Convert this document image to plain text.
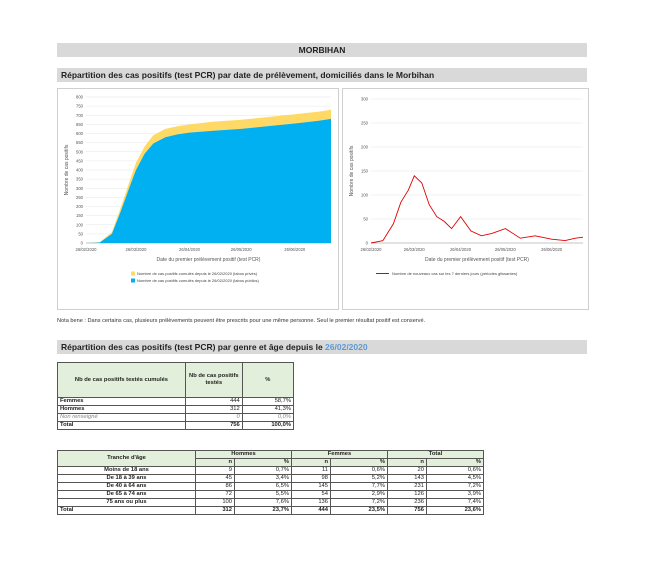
MORBIHAN
Répartition des cas positifs (test PCR) par date de prélèvement, domiciliés dans le Morbihan
0
50
100
150
200
250
300
350
400
450
500
550
600
650
700
750
800
26/02/2020	26/03/2020	26/04/2020	26/05/2020	26/06/2020
Date du premier prélèvement positif (test PCR)
Nombre de cas positifs
Nombre de cas positifs cumulés depuis le 26/02/2020 (labos privés)
Nombre de cas positifs cumulés depuis le 26/02/2020 (labos publics)
0
50
100
150
200
250
300
26/02/2020	26/03/2020	26/04/2020	26/05/2020	26/06/2020
Date du premier prélèvement positif (test PCR)
Nombre de cas positifs
Nombre de nouveaux cas sur les 7 derniers jours (périodes glissantes)
Nota bene : Dans certains cas, plusieurs prélèvements peuvent être prescrits pour une même personne. Seul le premier résultat positif est conservé.
Répartition des cas positifs (test PCR) par genre et âge depuis le 26/02/2020
Nb de cas positifs testés cumulés	Nb de cas positifs testés	%
Femmes	444	58,7%
Hommes	312	41,3%
Non renseigné	0	0,0%
Total	756	100,0%
Tranche d'âge	Hommes		Femmes		Total	
	n	%	n	%	n	%
Moins de 18 ans	9	0,7%	11	0,6%	20	0,6%
De 18 à 39 ans	45	3,4%	98	5,2%	143	4,5%
De 40 à 64 ans	86	6,5%	145	7,7%	231	7,2%
De 65 à 74 ans	72	5,5%	54	2,9%	126	3,9%
75 ans ou plus	100	7,6%	136	7,2%	236	7,4%
Total	312	23,7%	444	23,5%	756	23,6%
